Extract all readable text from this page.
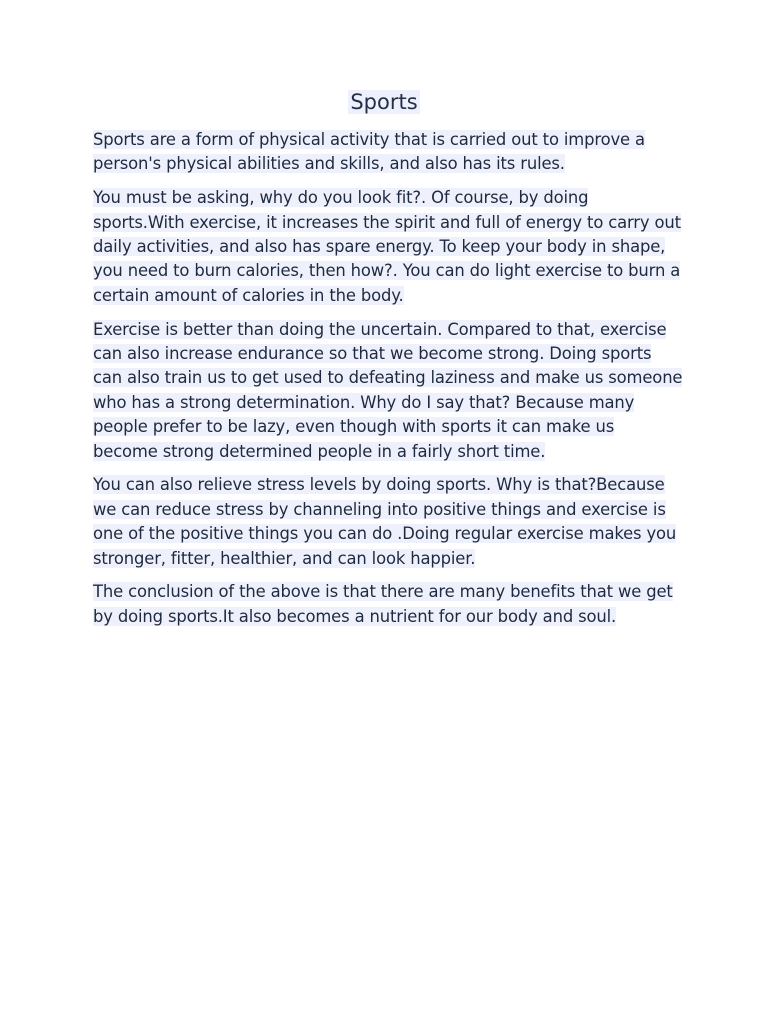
Sports

Sports are a form of physical activity that is carried out to improve a person's physical abilities and skills, and also has its rules.

You must be asking, why do you look fit?. Of course, by doing sports.With exercise, it increases the spirit and full of energy to carry out daily activities, and also has spare energy. To keep your body in shape, you need to burn calories, then how?. You can do light exercise to burn a certain amount of calories in the body.

Exercise is better than doing the uncertain. Compared to that, exercise can also increase endurance so that we become strong. Doing sports can also train us to get used to defeating laziness and make us someone who has a strong determination. Why do I say that? Because many people prefer to be lazy, even though with sports it can make us become strong determined people in a fairly short time.

You can also relieve stress levels by doing sports. Why is that?Because we can reduce stress by channeling into positive things and exercise is one of the positive things you can do .Doing regular exercise makes you stronger, fitter, healthier, and can look happier.

The conclusion of the above is that there are many benefits that we get by doing sports.It also becomes a nutrient for our body and soul.
